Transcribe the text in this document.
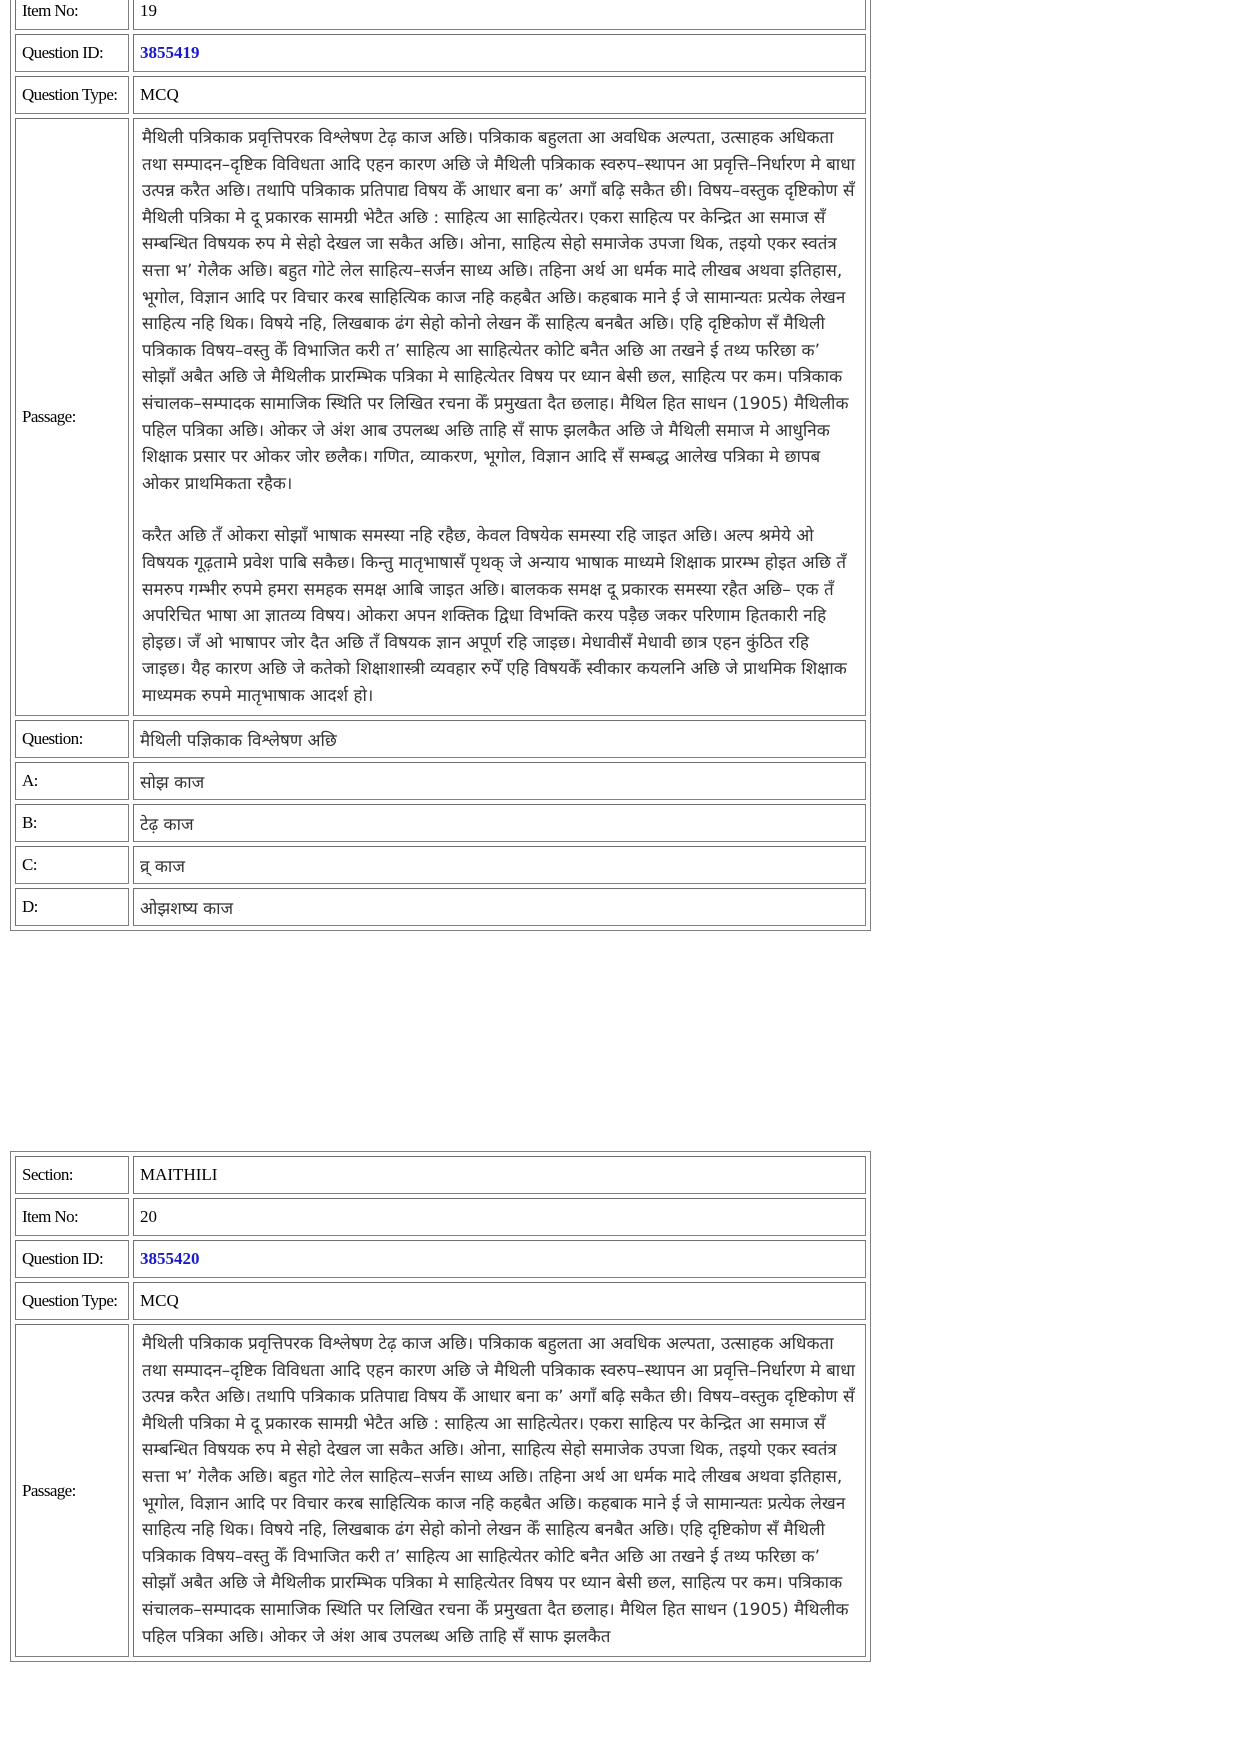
Item No:	19
Question ID:	3855419
Question Type:	MCQ
Passage:	मैथिली पत्रिकाक प्रवृत्तिपरक विश्लेषण टेढ़ काज अछि। पत्रिकाक बहुलता आ अवधिक अल्पता, उत्साहक अधिकता तथा सम्पादन–दृष्टिक विविधता आदि एहन कारण अछि जे मैथिली पत्रिकाक स्वरुप–स्थापन आ प्रवृत्ति–निर्धारण मे बाधा उत्पन्न करैत अछि। तथापि पत्रिकाक प्रतिपाद्य विषय केँ आधार बना कʼ अगाँ बढ़ि सकैत छी। विषय–वस्तुक दृष्टिकोण सँ मैथिली पत्रिका मे दू प्रकारक सामग्री भेटैत अछि : साहित्य आ साहित्येतर। एकरा साहित्य पर केन्द्रित आ समाज सँ सम्बन्धित विषयक रुप मे सेहो देखल जा सकैत अछि। ओना, साहित्य सेहो समाजेक उपजा थिक, तइयो एकर स्वतंत्र सत्ता भʼ गेलैक अछि। बहुत गोटे लेल साहित्य–सर्जन साध्य अछि। तहिना अर्थ आ धर्मक मादे लीखब अथवा इतिहास, भूगोल, विज्ञान आदि पर विचार करब साहित्यिक काज नहि कहबैत अछि। कहबाक माने ई जे सामान्यतः प्रत्येक लेखन साहित्य नहि थिक। विषये नहि, लिखबाक ढंग सेहो कोनो लेखन केँ साहित्य बनबैत अछि। एहि दृष्टिकोण सँ मैथिली पत्रिकाक विषय–वस्तु केँ विभाजित करी तʼ साहित्य आ साहित्येतर कोटि बनैत अछि आ तखने ई तथ्य फरिछा कʼ सोझाँ अबैत अछि जे मैथिलीक प्रारम्भिक पत्रिका मे साहित्येतर विषय पर ध्यान बेसी छल, साहित्य पर कम। पत्रिकाक संचालक–सम्पादक सामाजिक स्थिति पर लिखित रचना केँ प्रमुखता दैत छलाह। मैथिल हित साधन (1905) मैथिलीक पहिल पत्रिका अछि। ओकर जे अंश आब उपलब्ध अछि ताहि सँ साफ झलकैत अछि जे मैथिली समाज मे आधुनिक शिक्षाक प्रसार पर ओकर जोर छलैक। गणित, व्याकरण, भूगोल, विज्ञान आदि सँ सम्बद्ध आलेख पत्रिका मे छापब ओकर प्राथमिकता रहैक।

करैत अछि तँ ओकरा सोझाँ भाषाक समस्या नहि रहैछ, केवल विषयेक समस्या रहि जाइत अछि। अल्प श्रमेये ओ विषयक गूढ़तामे प्रवेश पाबि सकैछ। किन्तु मातृभाषासँ पृथक् जे अन्याय भाषाक माध्यमे शिक्षाक प्रारम्भ होइत अछि तँ समरुप गम्भीर रुपमे हमरा समहक समक्ष आबि जाइत अछि। बालकक समक्ष दू प्रकारक समस्या रहैत अछि– एक तँ अपरिचित भाषा आ ज्ञातव्य विषय। ओकरा अपन शक्तिक द्विधा विभक्ति करय पड़ैछ जकर परिणाम हितकारी नहि होइछ। जँ ओ भाषापर जोर दैत अछि तँ विषयक ज्ञान अपूर्ण रहि जाइछ। मेधावीसँ मेधावी छात्र एहन कुंठित रहि जाइछ। यैह कारण अछि जे कतेको शिक्षाशास्त्री व्यवहार रुपेँ एहि विषयकेँ स्वीकार कयलनि अछि जे प्राथमिक शिक्षाक माध्यमक रुपमे मातृभाषाक आदर्श हो।

Question:	मैथिली पज्ञिकाक विश्लेषण अछि
A:	सोझ काज
B:	टेढ़ काज
C:	व्र् काज
D:	ओझशष्य काज
Section:	MAITHILI
Item No:	20
Question ID:	3855420
Question Type:	MCQ
Passage:	मैथिली पत्रिकाक प्रवृत्तिपरक विश्लेषण टेढ़ काज अछि। पत्रिकाक बहुलता आ अवधिक अल्पता, उत्साहक अधिकता तथा सम्पादन–दृष्टिक विविधता आदि एहन कारण अछि जे मैथिली पत्रिकाक स्वरुप–स्थापन आ प्रवृत्ति–निर्धारण मे बाधा उत्पन्न करैत अछि। तथापि पत्रिकाक प्रतिपाद्य विषय केँ आधार बना कʼ अगाँ बढ़ि सकैत छी। विषय–वस्तुक दृष्टिकोण सँ मैथिली पत्रिका मे दू प्रकारक सामग्री भेटैत अछि : साहित्य आ साहित्येतर। एकरा साहित्य पर केन्द्रित आ समाज सँ सम्बन्धित विषयक रुप मे सेहो देखल जा सकैत अछि। ओना, साहित्य सेहो समाजेक उपजा थिक, तइयो एकर स्वतंत्र सत्ता भʼ गेलैक अछि। बहुत गोटे लेल साहित्य–सर्जन साध्य अछि। तहिना अर्थ आ धर्मक मादे लीखब अथवा इतिहास, भूगोल, विज्ञान आदि पर विचार करब साहित्यिक काज नहि कहबैत अछि। कहबाक माने ई जे सामान्यतः प्रत्येक लेखन साहित्य नहि थिक। विषये नहि, लिखबाक ढंग सेहो कोनो लेखन केँ साहित्य बनबैत अछि। एहि दृष्टिकोण सँ मैथिली पत्रिकाक विषय–वस्तु केँ विभाजित करी तʼ साहित्य आ साहित्येतर कोटि बनैत अछि आ तखने ई तथ्य फरिछा कʼ सोझाँ अबैत अछि जे मैथिलीक प्रारम्भिक पत्रिका मे साहित्येतर विषय पर ध्यान बेसी छल, साहित्य पर कम। पत्रिकाक संचालक–सम्पादक सामाजिक स्थिति पर लिखित रचना केँ प्रमुखता दैत छलाह। मैथिल हित साधन (1905) मैथिलीक पहिल पत्रिका अछि। ओकर जे अंश आब उपलब्ध अछि ताहि सँ साफ झलकैत
